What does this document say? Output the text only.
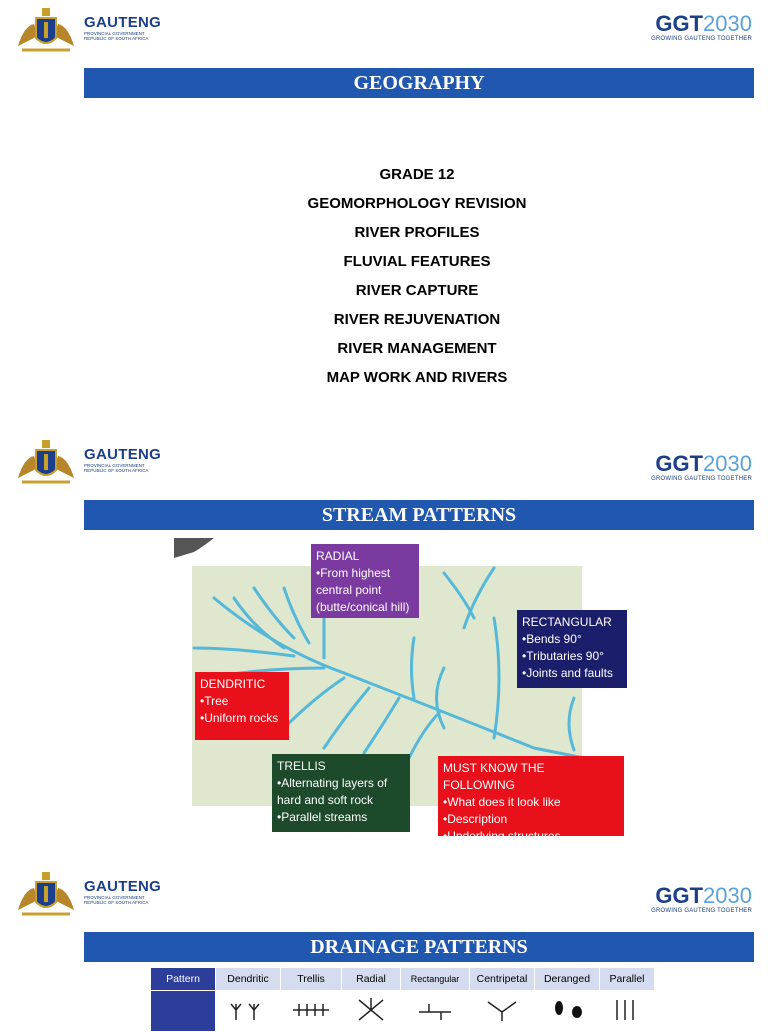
GAUTENG
PROVINCIAL GOVERNMENT
REPUBLIC OF SOUTH AFRICA
GGT2030
GROWING GAUTENG TOGETHER
GEOGRAPHY
GRADE 12
GEOMORPHOLOGY REVISION
RIVER PROFILES
FLUVIAL FEATURES
RIVER CAPTURE
RIVER REJUVENATION
RIVER MANAGEMENT
MAP WORK AND RIVERS
GAUTENG
PROVINCIAL GOVERNMENT
REPUBLIC OF SOUTH AFRICA	GGT2030
GROWING GAUTENG TOGETHER
STREAM PATTERNS
RADIAL
•From highest
central point
(butte/conical hill)
RECTANGULAR
•Bends 90°
•Tributaries 90°
•Joints and faults
DENDRITIC
•Tree
•Uniform rocks
TRELLIS
•Alternating layers of
hard and soft rock
•Parallel streams
MUST KNOW THE FOLLOWING
•What does it look like
•Description
•Underlying structures
GAUTENG
PROVINCIAL GOVERNMENT
REPUBLIC OF SOUTH AFRICA	GGT2030
GROWING GAUTENG TOGETHER
DRAINAGE PATTERNS
Pattern	Dendritic	Trellis	Radial	Rectangular	Centripetal	Deranged	Parallel
